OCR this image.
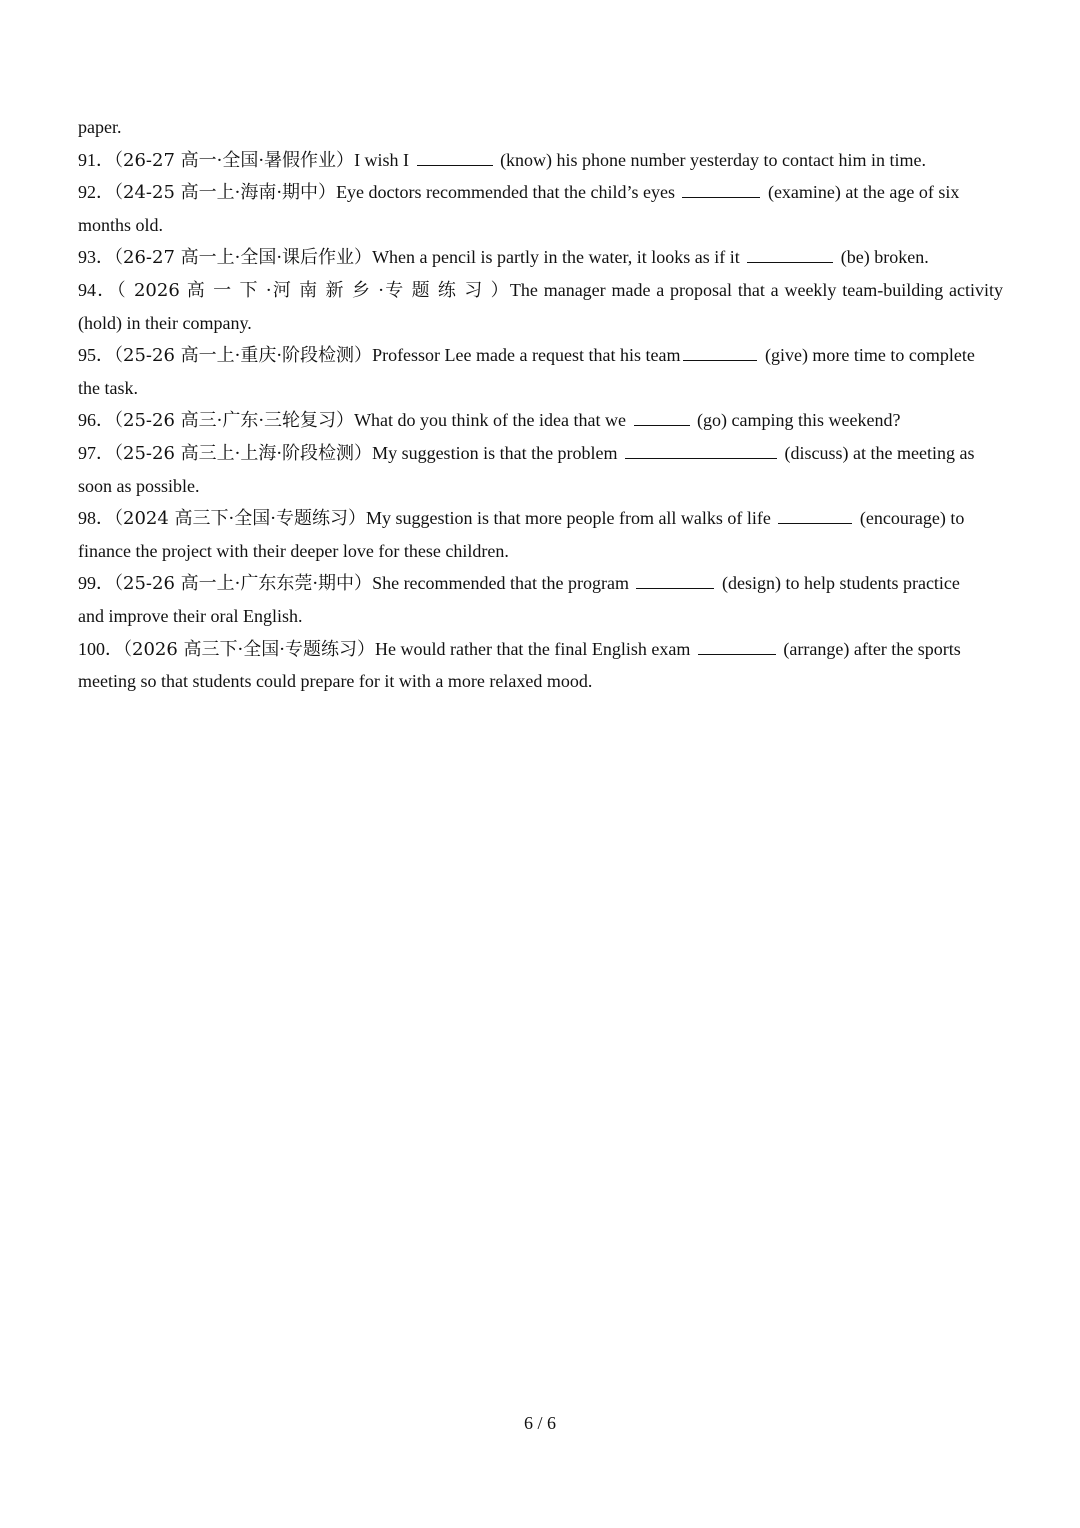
paper.
91．（26-27 高一·全国·暑假作业）I wish I	(know) his phone number yesterday to contact him in time.
92．（24-25 高一上·海南·期中）Eye doctors recommended that the child’s eyes	(examine) at the age of six
months old.
93．（26-27 高一上·全国·课后作业）When a pencil is partly in the water, it looks as if it	(be) broken.
94．（ 2026 高 一 下 ·河 南 新 乡 ·专 题 练 习 ）The manager made a proposal that a weekly team-building activity
(hold) in their company.
95．（25-26 高一上·重庆·阶段检测）Professor Lee made a request that his team	(give) more time to complete
the task.
96．（25-26 高三·广东·三轮复习）What do you think of the idea that we	(go) camping this weekend?
97．（25-26 高三上·上海·阶段检测）My suggestion is that the problem	(discuss) at the meeting as
soon as possible.
98．（2024 高三下·全国·专题练习）My suggestion is that more people from all walks of life	(encourage) to
finance the project with their deeper love for these children.
99．（25-26 高一上·广东东莞·期中）She recommended that the program	(design) to help students practice
and improve their oral English.
100．（2026 高三下·全国·专题练习）He would rather that the final English exam	(arrange) after the sports
meeting so that students could prepare for it with a more relaxed mood.
6 / 6
